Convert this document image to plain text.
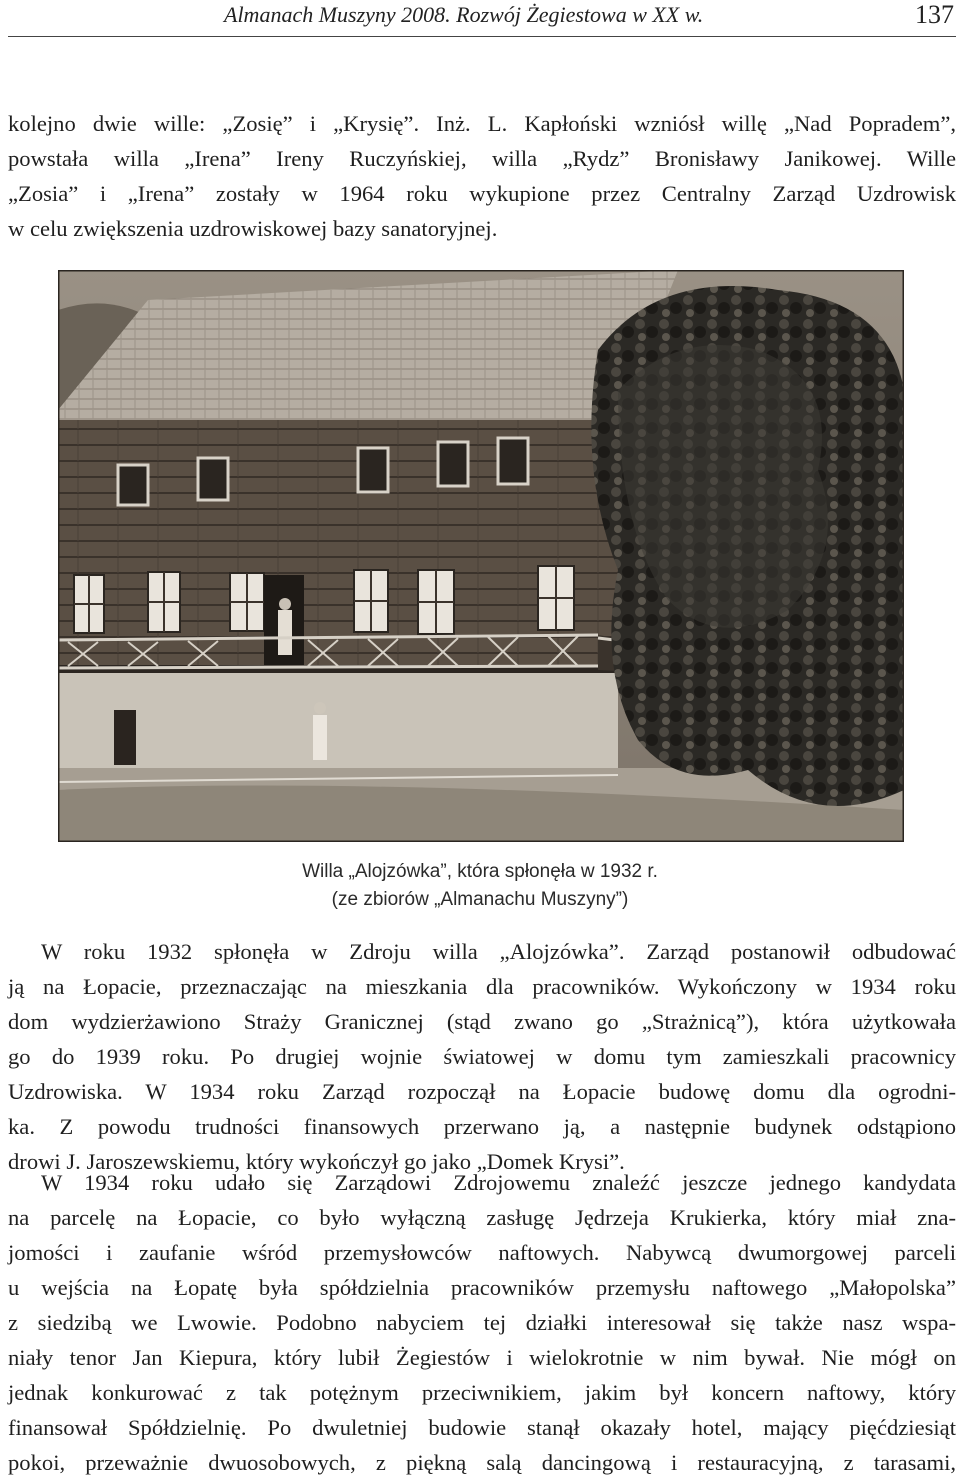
Almanach Muszyny 2008. Rozwój Żegiestowa w XX w.	137
kolejno dwie wille: „Zosię” i „Krysię”. Inż. L. Kapłoński wzniósł willę „Nad Popradem”,
powstała willa „Irena” Ireny Ruczyńskiej, willa „Rydz” Bronisławy Janikowej. Wille
„Zosia” i „Irena” zostały w 1964 roku wykupione przez Centralny Zarząd Uzdrowisk
w celu zwiększenia uzdrowiskowej bazy sanatoryjnej.
Willa „Alojzówka”, która spłonęła w 1932 r.
(ze zbiorów „Almanachu Muszyny”)
W roku 1932 spłonęła w Zdroju willa „Alojzówka”. Zarząd postanowił odbudować
ją na Łopacie, przeznaczając na mieszkania dla pracowników. Wykończony w 1934 roku
dom wydzierżawiono Straży Granicznej (stąd zwano go „Strażnicą”), która użytkowała
go do 1939 roku. Po drugiej wojnie światowej w domu tym zamieszkali pracownicy
Uzdrowiska. W 1934 roku Zarząd rozpoczął na Łopacie budowę domu dla ogrodni-
ka. Z powodu trudności finansowych przerwano ją, a następnie budynek odstąpiono
drowi J. Jaroszewskiemu, który wykończył go jako „Domek Krysi”.
W 1934 roku udało się Zarządowi Zdrojowemu znaleźć jeszcze jednego kandydata
na parcelę na Łopacie, co było wyłączną zasługę Jędrzeja Krukierka, który miał zna-
jomości i zaufanie wśród przemysłowców naftowych. Nabywcą dwumorgowej parceli
u wejścia na Łopatę była spółdzielnia pracowników przemysłu naftowego „Małopolska”
z siedzibą we Lwowie. Podobno nabyciem tej działki interesował się także nasz wspa-
niały tenor Jan Kiepura, który lubił Żegiestów i wielokrotnie w nim bywał. Nie mógł on
jednak konkurować z tak potężnym przeciwnikiem, jakim był koncern naftowy, który
finansował Spółdzielnię. Po dwuletniej budowie stanął okazały hotel, mający pięćdziesiąt
pokoi, przeważnie dwuosobowych, z piękną salą dancingową i restauracyjną, z tarasami,
